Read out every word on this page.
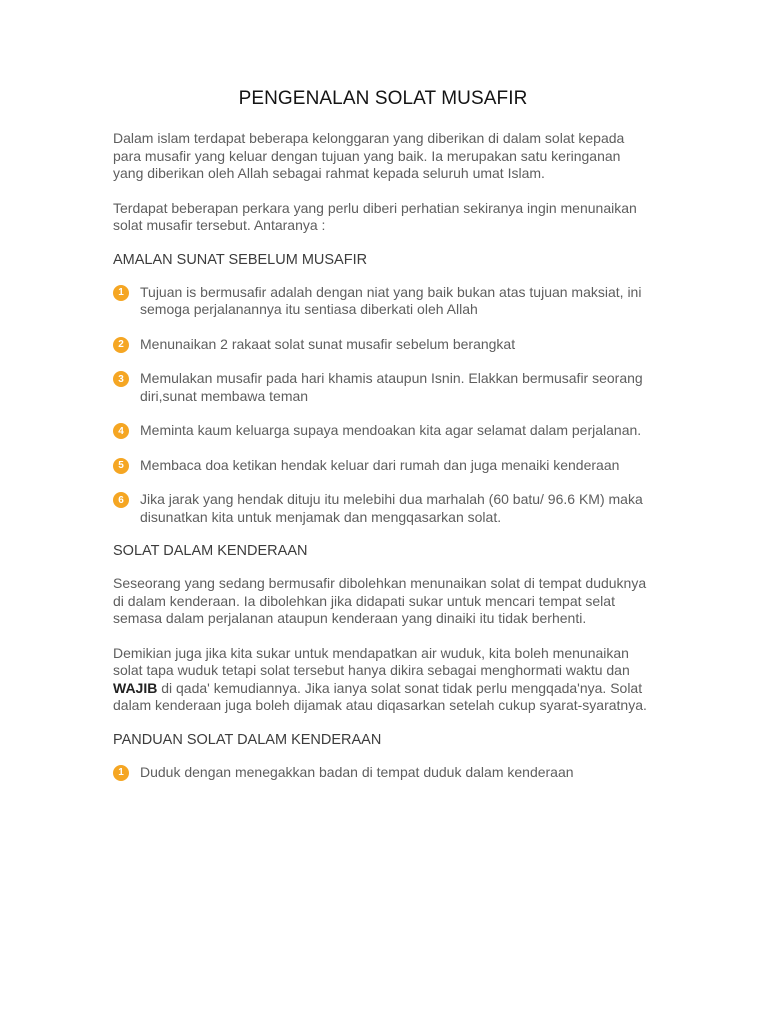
PENGENALAN SOLAT MUSAFIR

Dalam islam terdapat beberapa kelonggaran yang diberikan di dalam solat kepada para musafir yang keluar dengan tujuan yang baik. Ia merupakan satu keringanan yang diberikan oleh Allah sebagai rahmat kepada seluruh umat Islam.

Terdapat beberapan perkara yang perlu diberi perhatian sekiranya ingin menunaikan solat musafir tersebut. Antaranya :

AMALAN SUNAT SEBELUM MUSAFIR
1	Tujuan is bermusafir adalah dengan niat yang baik bukan atas tujuan maksiat, ini semoga perjalanannya itu sentiasa diberkati oleh Allah
2	Menunaikan 2 rakaat solat sunat musafir sebelum berangkat
3	Memulakan musafir pada hari khamis ataupun Isnin. Elakkan bermusafir seorang diri,sunat membawa teman
4	Meminta kaum keluarga supaya mendoakan kita agar selamat dalam perjalanan.
5	Membaca doa ketikan hendak keluar dari rumah dan juga menaiki kenderaan
6	Jika jarak yang hendak dituju itu melebihi dua marhalah (60 batu/ 96.6 KM) maka disunatkan kita untuk menjamak dan mengqasarkan solat.
SOLAT DALAM KENDERAAN

Seseorang yang sedang bermusafir dibolehkan menunaikan solat di tempat duduknya di dalam kenderaan. Ia dibolehkan jika didapati sukar untuk mencari tempat selat semasa dalam perjalanan ataupun kenderaan yang dinaiki itu tidak berhenti.

Demikian juga jika kita sukar untuk mendapatkan air wuduk, kita boleh menunaikan solat tapa wuduk tetapi solat tersebut hanya dikira sebagai menghormati waktu dan WAJIB di qada' kemudiannya. Jika ianya solat sonat tidak perlu mengqada'nya. Solat dalam kenderaan juga boleh dijamak atau diqasarkan setelah cukup syarat-syaratnya.

PANDUAN SOLAT DALAM KENDERAAN
1	Duduk dengan menegakkan badan di tempat duduk dalam kenderaan
